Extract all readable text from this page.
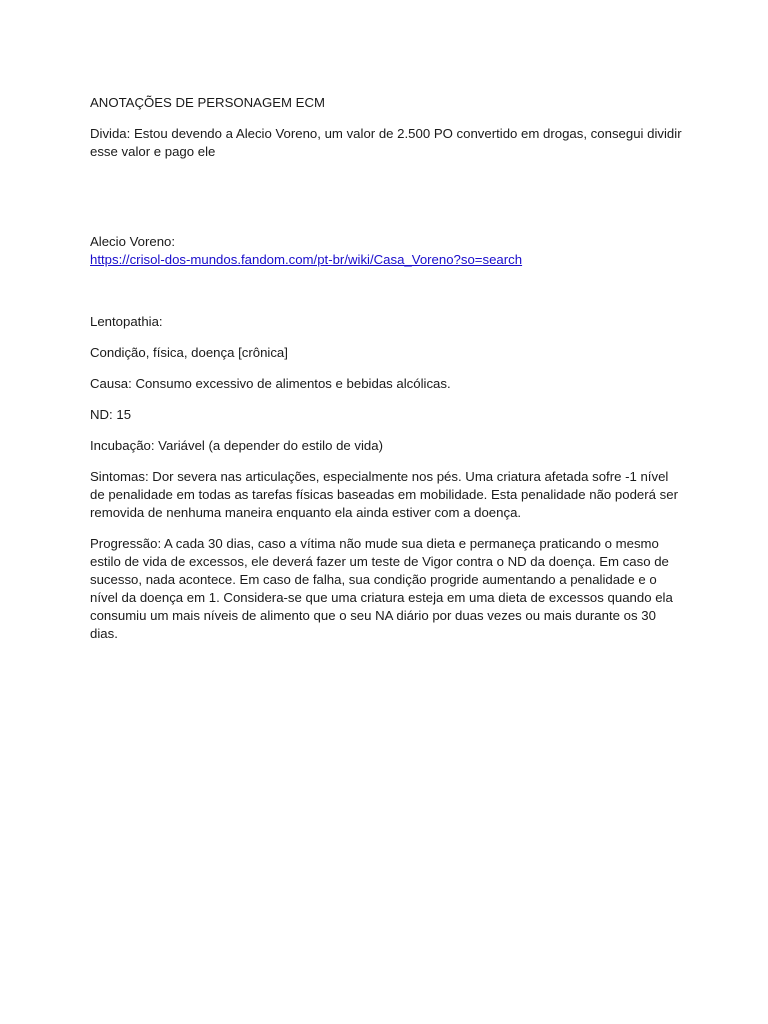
ANOTAÇÕES DE PERSONAGEM ECM

Divida: Estou devendo a Alecio Voreno, um valor de 2.500 PO convertido em drogas, consegui dividir esse valor e pago ele

Alecio Voreno:

https://crisol-dos-mundos.fandom.com/pt-br/wiki/Casa_Voreno?so=search

Lentopathia:

Condição, física, doença [crônica]

Causa: Consumo excessivo de alimentos e bebidas alcólicas.

ND: 15

Incubação: Variável (a depender do estilo de vida)

Sintomas: Dor severa nas articulações, especialmente nos pés. Uma criatura afetada sofre -1 nível de penalidade em todas as tarefas físicas baseadas em mobilidade. Esta penalidade não poderá ser removida de nenhuma maneira enquanto ela ainda estiver com a doença.

Progressão: A cada 30 dias, caso a vítima não mude sua dieta e permaneça praticando o mesmo estilo de vida de excessos, ele deverá fazer um teste de Vigor contra o ND da doença. Em caso de sucesso, nada acontece. Em caso de falha, sua condição progride aumentando a penalidade e o nível da doença em 1. Considera-se que uma criatura esteja em uma dieta de excessos quando ela consumiu um mais níveis de alimento que o seu NA diário por duas vezes ou mais durante os 30 dias.
